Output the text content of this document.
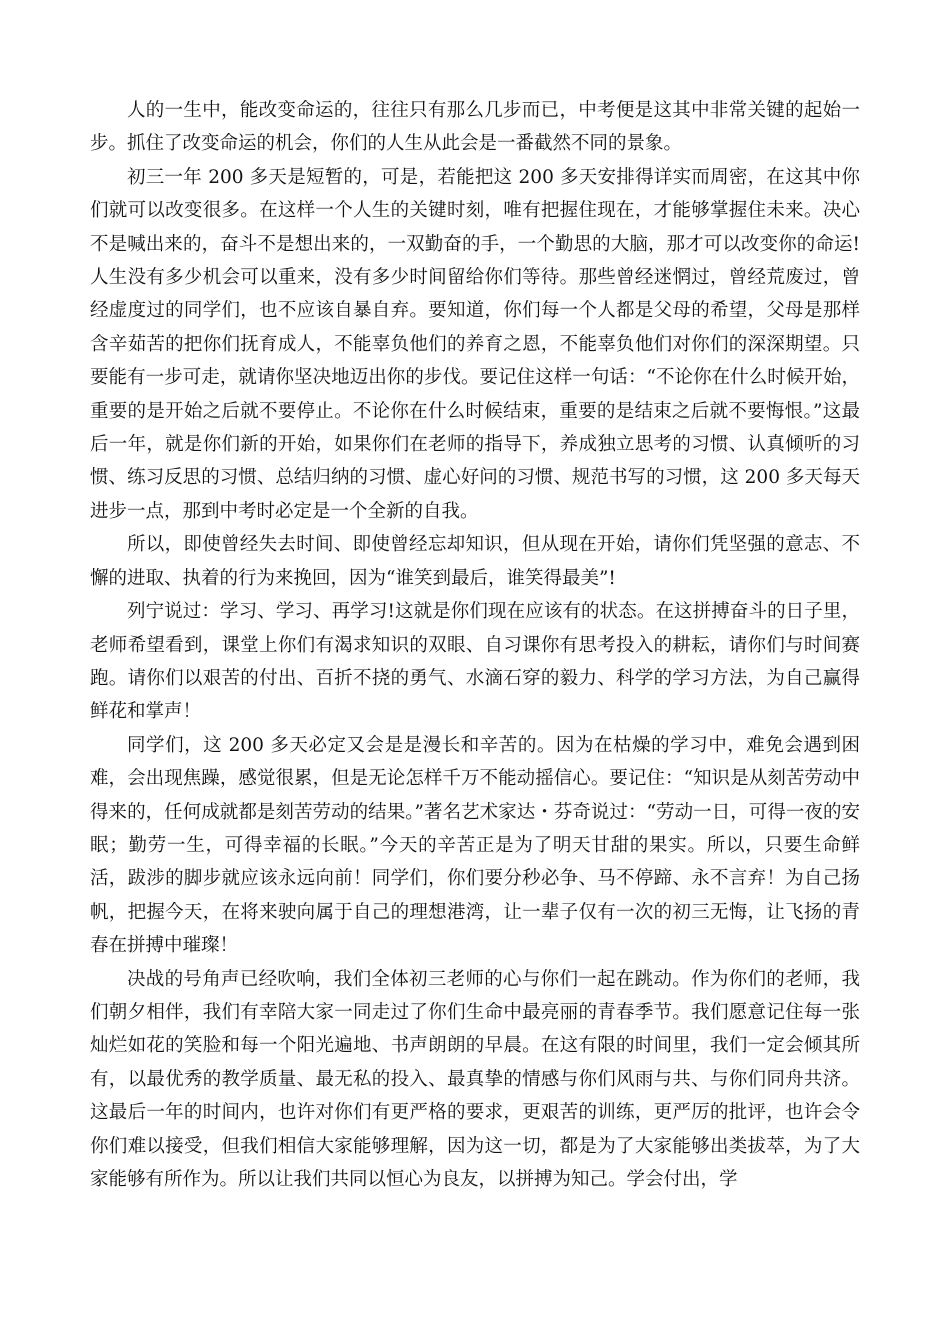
人的一生中，能改变命运的，往往只有那么几步而已，中考便是这其中非常关键的起始一步。抓住了改变命运的机会，你们的人生从此会是一番截然不同的景象。

初三一年 200 多天是短暂的，可是，若能把这 200 多天安排得详实而周密，在这其中你们就可以改变很多。在这样一个人生的关键时刻，唯有把握住现在，才能够掌握住未来。决心不是喊出来的，奋斗不是想出来的，一双勤奋的手，一个勤思的大脑，那才可以改变你的命运!人生没有多少机会可以重来，没有多少时间留给你们等待。那些曾经迷惘过，曾经荒废过，曾经虚度过的同学们，也不应该自暴自弃。要知道，你们每一个人都是父母的希望，父母是那样含辛茹苦的把你们抚育成人，不能辜负他们的养育之恩，不能辜负他们对你们的深深期望。只要能有一步可走，就请你坚决地迈出你的步伐。要记住这样一句话：“不论你在什么时候开始，重要的是开始之后就不要停止。不论你在什么时候结束，重要的是结束之后就不要悔恨。”这最后一年，就是你们新的开始，如果你们在老师的指导下，养成独立思考的习惯、认真倾听的习惯、练习反思的习惯、总结归纳的习惯、虚心好问的习惯、规范书写的习惯，这 200 多天每天进步一点，那到中考时必定是一个全新的自我。

所以，即使曾经失去时间、即使曾经忘却知识，但从现在开始，请你们凭坚强的意志、不懈的进取、执着的行为来挽回，因为“谁笑到最后，谁笑得最美”!

列宁说过：学习、学习、再学习!这就是你们现在应该有的状态。在这拼搏奋斗的日子里，老师希望看到，课堂上你们有渴求知识的双眼、自习课你有思考投入的耕耘，请你们与时间赛跑。请你们以艰苦的付出、百折不挠的勇气、水滴石穿的毅力、科学的学习方法，为自己赢得鲜花和掌声！

同学们，这 200 多天必定又会是是漫长和辛苦的。因为在枯燥的学习中，难免会遇到困难，会出现焦躁，感觉很累，但是无论怎样千万不能动摇信心。要记住：“知识是从刻苦劳动中得来的，任何成就都是刻苦劳动的结果。”著名艺术家达・芬奇说过：“劳动一日，可得一夜的安眠；勤劳一生，可得幸福的长眠。”今天的辛苦正是为了明天甘甜的果实。所以，只要生命鲜活，跋涉的脚步就应该永远向前！同学们，你们要分秒必争、马不停蹄、永不言弃！为自己扬帆，把握今天，在将来驶向属于自己的理想港湾，让一辈子仅有一次的初三无悔，让飞扬的青春在拼搏中璀璨！

决战的号角声已经吹响，我们全体初三老师的心与你们一起在跳动。作为你们的老师，我们朝夕相伴，我们有幸陪大家一同走过了你们生命中最亮丽的青春季节。我们愿意记住每一张灿烂如花的笑脸和每一个阳光遍地、书声朗朗的早晨。在这有限的时间里，我们一定会倾其所有，以最优秀的教学质量、最无私的投入、最真挚的情感与你们风雨与共、与你们同舟共济。这最后一年的时间内，也许对你们有更严格的要求，更艰苦的训练，更严厉的批评，也许会令你们难以接受，但我们相信大家能够理解，因为这一切，都是为了大家能够出类拔萃，为了大家能够有所作为。所以让我们共同以恒心为良友，以拼搏为知己。学会付出，学
